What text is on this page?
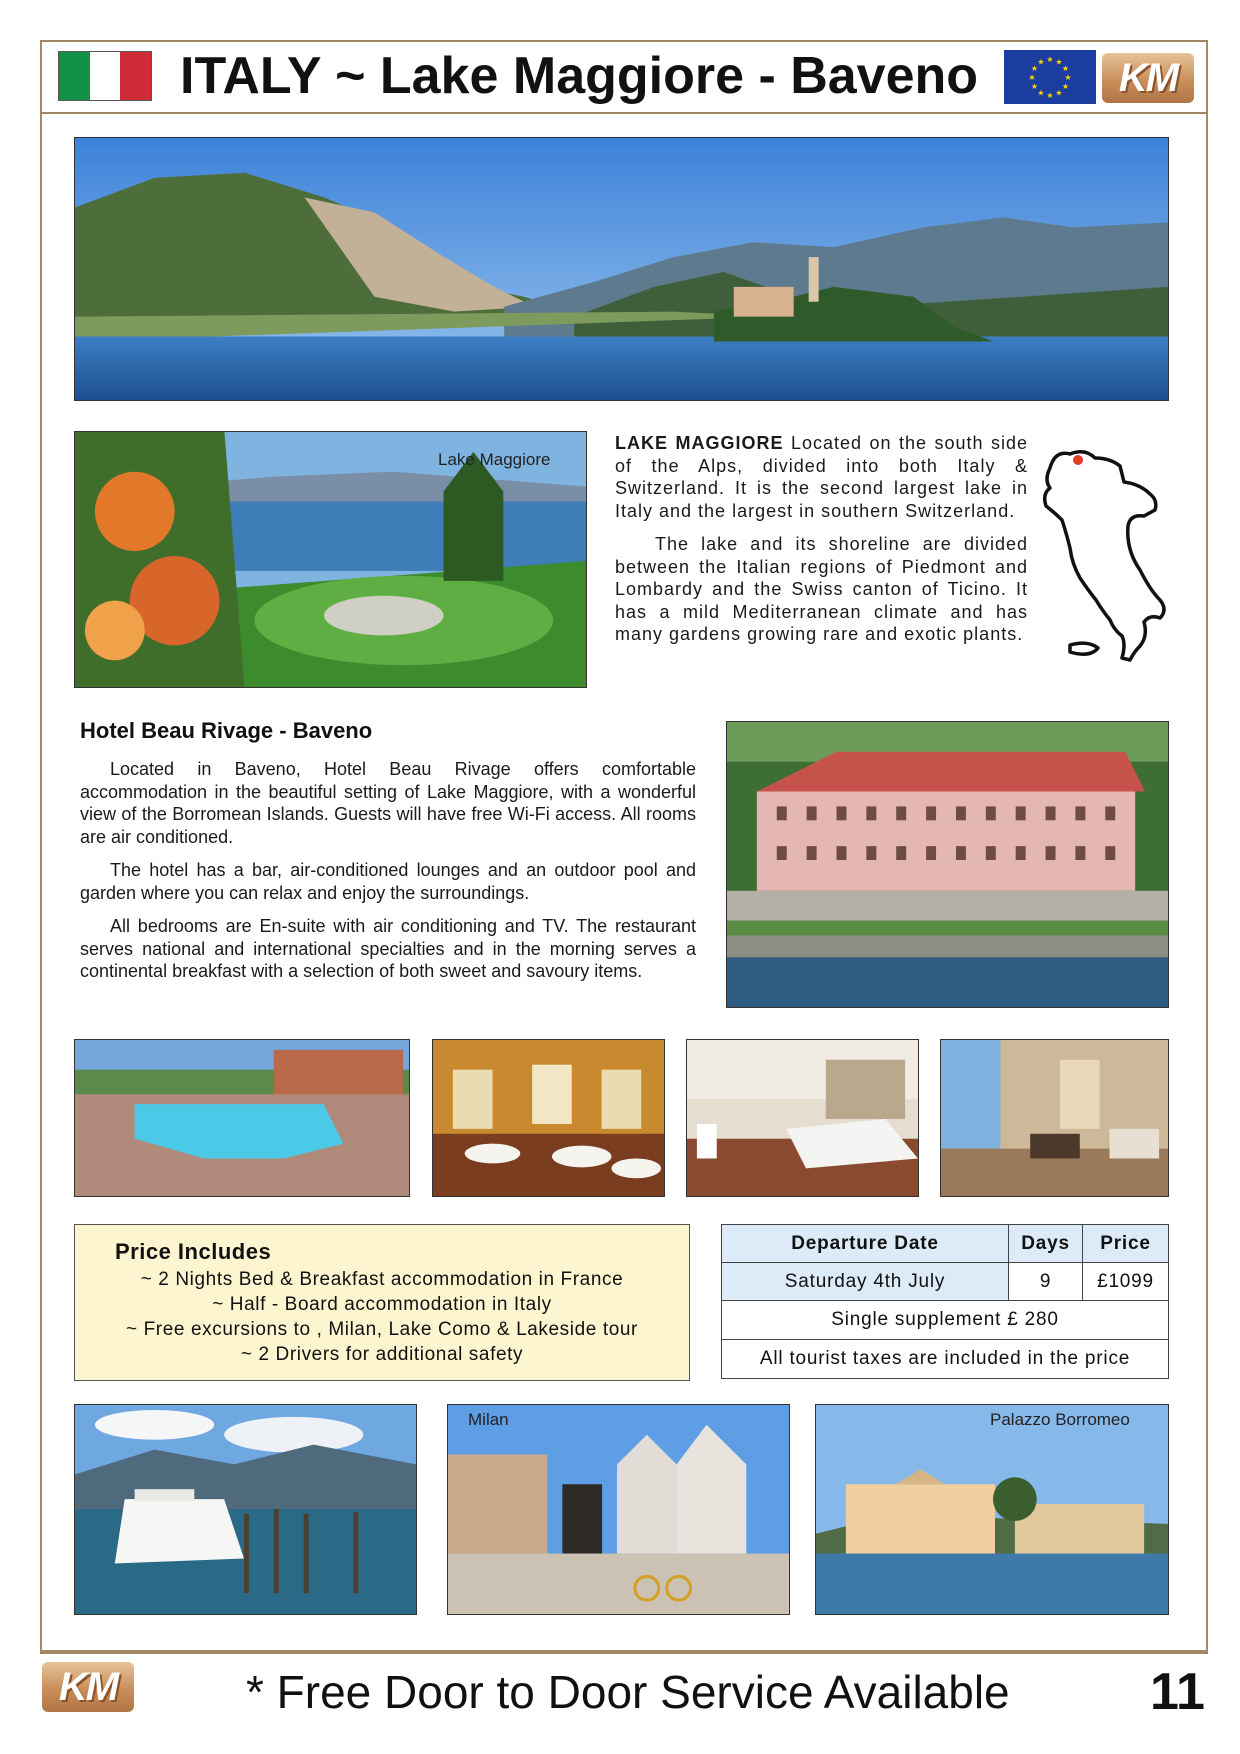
ITALY ~ Lake Maggiore - Baveno	★ ★
★
★
★
★
★
★
★
★
★
★ KM
Lake Maggiore

LAKE MAGGIORE Located on the south side of the Alps, divided into both Italy & Switzerland. It is the second largest lake in Italy and the largest in southern Switzerland.

The lake and its shoreline are divided between the Italian regions of Piedmont and Lombardy and the Swiss canton of Ticino. It has a mild Mediterranean climate and has many gardens growing rare and exotic plants.

Hotel Beau Rivage - Baveno

Located in Baveno, Hotel Beau Rivage offers comfortable accommodation in the beautiful setting of Lake Maggiore, with a wonderful view of the Borromean Islands. Guests will have free Wi-Fi access. All rooms are air conditioned.

The hotel has a bar, air-conditioned lounges and an outdoor pool and garden where you can relax and enjoy the surroundings.

All bedrooms are En-suite with air conditioning and TV. The restaurant serves national and international specialties and in the morning serves a continental breakfast with a selection of both sweet and savoury items.

Price Includes
~ 2 Nights Bed & Breakfast accommodation in France
~ Half - Board accommodation in Italy
~ Free excursions to , Milan, Lake Como & Lakeside tour
~ 2 Drivers for additional safety
Departure Date	Days	Price
Saturday 4th July	9	£1099
Single supplement £ 280		
All tourist taxes are included in the price		
Milan	Palazzo Borromeo
KM	* Free Door to Door Service Available	11
